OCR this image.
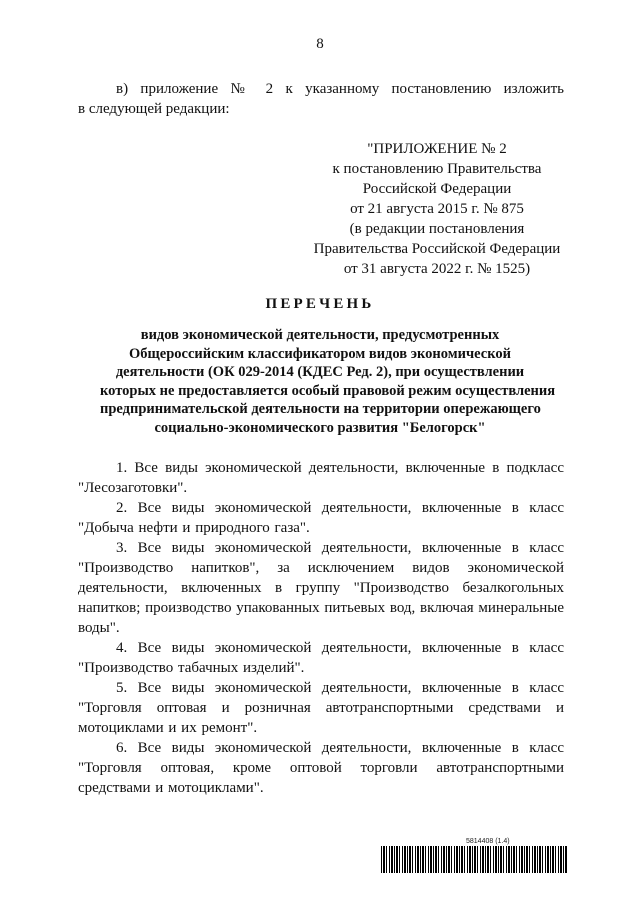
8
в) приложение № 2 к указанному постановлению изложить
в следующей редакции:
"ПРИЛОЖЕНИЕ № 2
к постановлению Правительства
Российской Федерации
от 21 августа 2015 г. № 875
(в редакции постановления
Правительства Российской Федерации
от 31 августа 2022 г. № 1525)
ПЕРЕЧЕНЬ
видов экономической деятельности, предусмотренных
Общероссийским классификатором видов экономической
деятельности (ОК 029-2014 (КДЕС Ред. 2), при осуществлении
которых не предоставляется особый правовой режим осуществления
предпринимательской деятельности на территории опережающего
социально-экономического развития "Белогорск"
1. Все виды экономической деятельности, включенные в подкласс "Лесозаготовки".
2. Все виды экономической деятельности, включенные в класс "Добыча нефти и природного газа".
3. Все виды экономической деятельности, включенные в класс "Производство напитков", за исключением видов экономической деятельности, включенных в группу "Производство безалкогольных напитков; производство упакованных питьевых вод, включая минеральные воды".
4. Все виды экономической деятельности, включенные в класс "Производство табачных изделий".
5. Все виды экономической деятельности, включенные в класс "Торговля оптовая и розничная автотранспортными средствами и мотоциклами и их ремонт".
6. Все виды экономической деятельности, включенные в класс "Торговля оптовая, кроме оптовой торговли автотранспортными средствами и мотоциклами".
5814408 (1.4)
